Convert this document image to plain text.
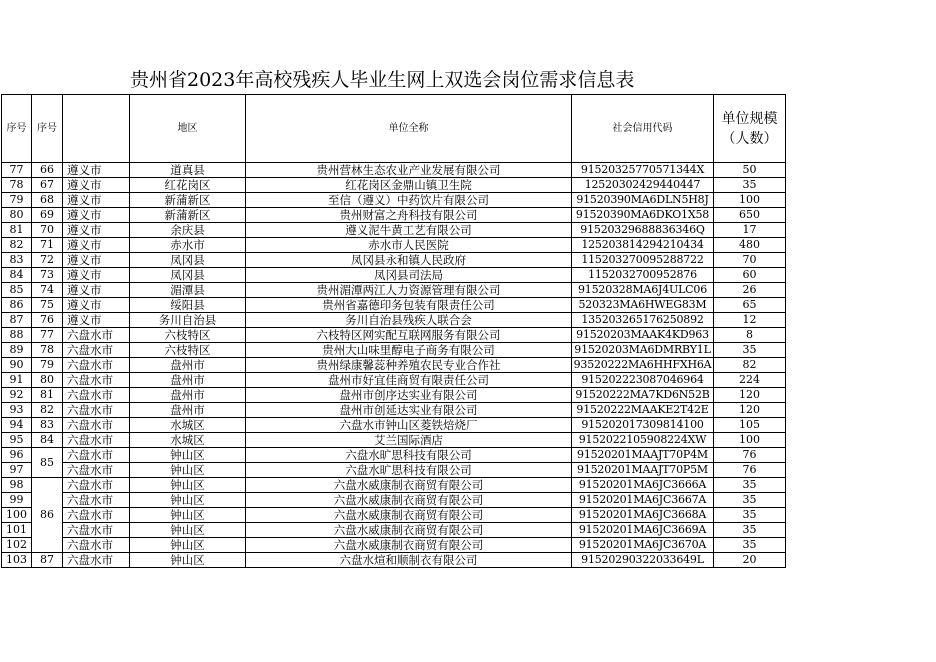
贵州省2023年高校残疾人毕业生网上双选会岗位需求信息表
序号	序号		地区	单位全称	社会信用代码	单位规模（人数）
77	66	遵义市	道真县	贵州营林生态农业产业发展有限公司	91520325770571344X	50
78	67	遵义市	红花岗区	红花岗区金鼎山镇卫生院	12520302429440447	35
79	68	遵义市	新蒲新区	至信（遵义）中药饮片有限公司	91520390MA6DLN5H8J	100
80	69	遵义市	新蒲新区	贵州财富之舟科技有限公司	91520390MA6DKO1X58	650
81	70	遵义市	余庆县	遵义泥牛黄工艺有限公司	91520329688836346Q	17
82	71	遵义市	赤水市	赤水市人民医院	125203814294210434	480
83	72	遵义市	凤冈县	凤冈县永和镇人民政府	115203270095288722	70
84	73	遵义市	凤冈县	凤冈县司法局	1152032700952876	60
85	74	遵义市	湄潭县	贵州湄潭两江人力资源管理有限公司	91520328MA6J4ULC06	26
86	75	遵义市	绥阳县	贵州省嘉德印务包装有限责任公司	520323MA6HWEG83M	65
87	76	遵义市	务川自治县	务川自治县残疾人联合会	135203265176250892	12
88	77	六盘水市	六枝特区	六枝特区网实配互联网服务有限公司	91520203MAAK4KD963	8
89	78	六盘水市	六枝特区	贵州大山味里醇电子商务有限公司	91520203MA6DMRBY1L	35
90	79	六盘水市	盘州市	贵州绿康馨蕊种养殖农民专业合作社	93520222MA6HHFXH6A	82
91	80	六盘水市	盘州市	盘州市好宜佳商贸有限责任公司	915202223087046964	224
92	81	六盘水市	盘州市	盘州市创序达实业有限公司	91520222MA7KD6N52B	120
93	82	六盘水市	盘州市	盘州市创延达实业有限公司	91520222MAAKE2T42E	120
94	83	六盘水市	水城区	六盘水市钟山区菱铁焙烧厂	915202017309814100	105
95	84	六盘水市	水城区	艾兰国际酒店	9152022105908224XW	100
96	85	六盘水市	钟山区	六盘水旷思科技有限公司	91520201MAAJT70P4M	76
97		六盘水市	钟山区	六盘水旷思科技有限公司	91520201MAAJT70P5M	76
98	86	六盘水市	钟山区	六盘水威康制衣商贸有限公司	91520201MA6JC3666A	35
99		六盘水市	钟山区	六盘水威康制衣商贸有限公司	91520201MA6JC3667A	35
100		六盘水市	钟山区	六盘水威康制衣商贸有限公司	91520201MA6JC3668A	35
101		六盘水市	钟山区	六盘水威康制衣商贸有限公司	91520201MA6JC3669A	35
102		六盘水市	钟山区	六盘水威康制衣商贸有限公司	91520201MA6JC3670A	35
103	87	六盘水市	钟山区	六盘水煊和顺制衣有限公司	91520290322033649L	20
